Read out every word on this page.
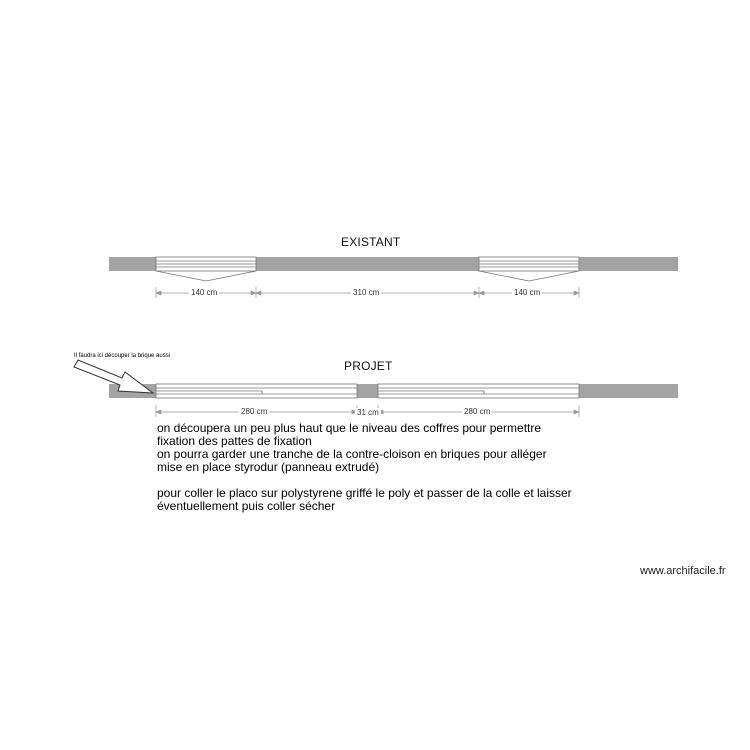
EXISTANT
PROJET
140 cm	310 cm	140 cm
280 cm	31 cm	280 cm
Il faudra ici découper la brique aussi
on découpera un peu plus haut que le niveau des coffres pour permettre
fixation des pattes de fixation
on pourra garder une tranche de la contre-cloison en briques pour alléger
mise en place styrodur (panneau extrudé)
pour coller le placo sur polystyrene griffé le poly et passer de la colle et laisser
éventuellement puis coller sécher
www.archifacile.fr
